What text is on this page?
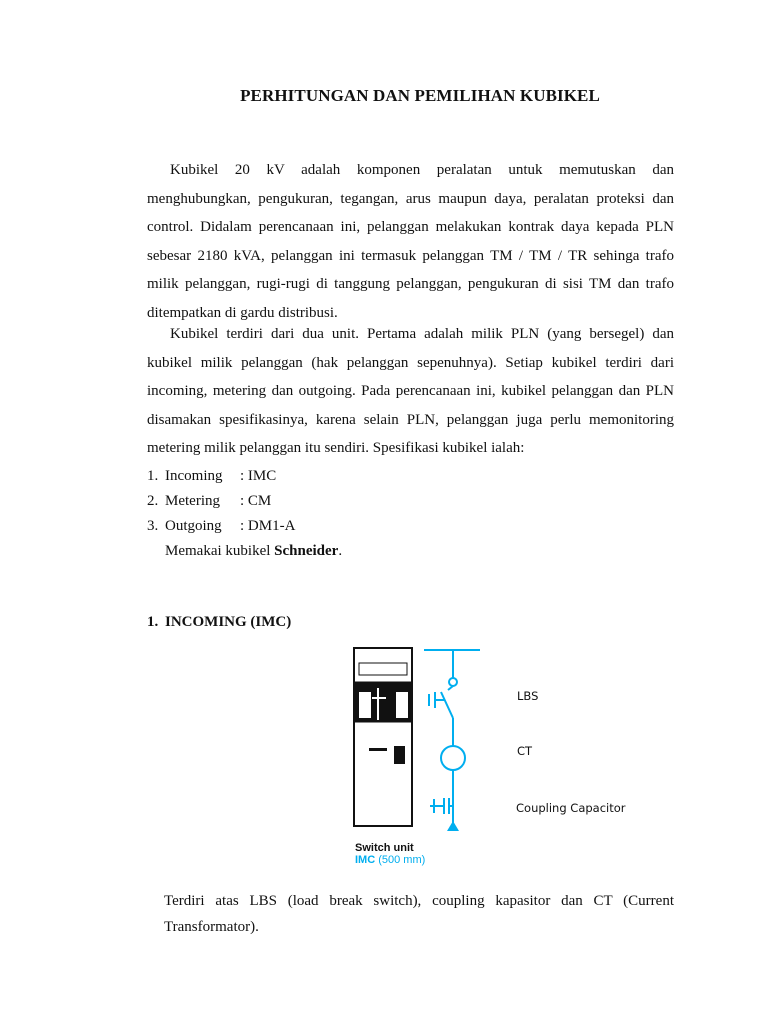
PERHITUNGAN DAN PEMILIHAN KUBIKEL

Kubikel 20 kV adalah komponen peralatan untuk memutuskan dan menghubungkan, pengukuran, tegangan, arus maupun daya, peralatan proteksi dan control. Didalam perencanaan ini, pelanggan melakukan kontrak daya kepada PLN sebesar 2180 kVA, pelanggan ini termasuk pelanggan TM / TM / TR sehinga trafo milik pelanggan, rugi-rugi di tanggung pelanggan, pengukuran di sisi TM dan trafo ditempatkan di gardu distribusi.

Kubikel terdiri dari dua unit. Pertama adalah milik PLN (yang bersegel) dan kubikel milik pelanggan (hak pelanggan sepenuhnya). Setiap kubikel terdiri dari incoming, metering dan outgoing. Pada perencanaan ini, kubikel pelanggan dan PLN disamakan spesifikasinya, karena selain PLN, pelanggan juga perlu memonitoring metering milik pelanggan itu sendiri. Spesifikasi kubikel ialah:

1. Incoming	: IMC
2. Metering	: CM
3. Outgoing	: DM1-A
Memakai kubikel Schneider .
1. INCOMING (IMC)
LBS
CT
Coupling Capacitor
Switch unit
IMC (500 mm)

Terdiri atas LBS (load break switch), coupling kapasitor dan CT (Current Transformator).
